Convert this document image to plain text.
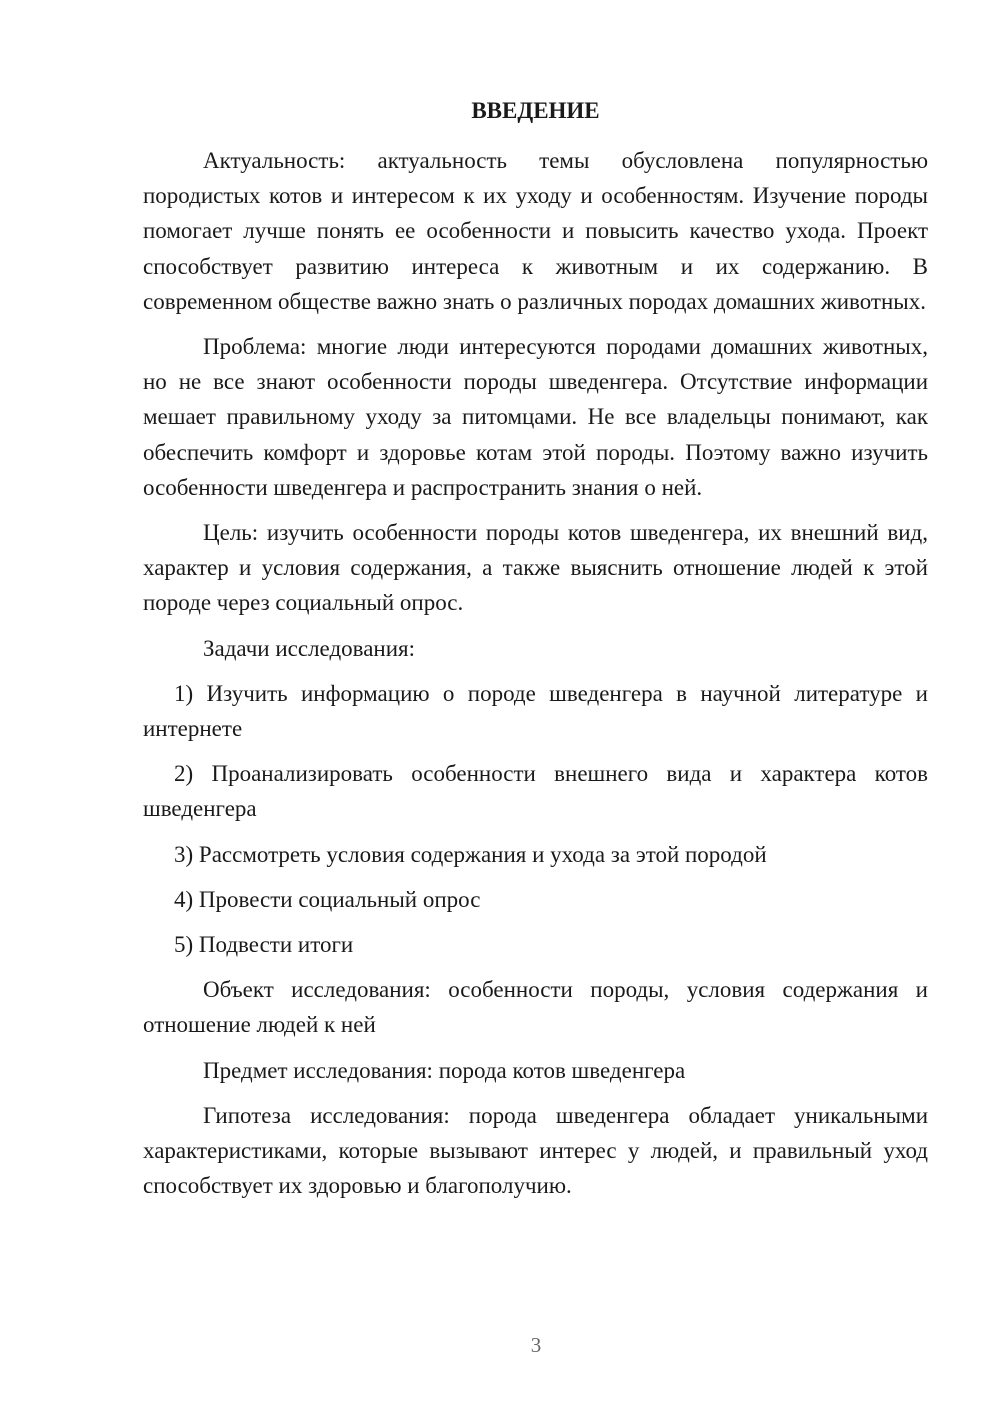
ВВЕДЕНИЕ

Актуальность: актуальность темы обусловлена популярностью породистых котов и интересом к их уходу и особенностям. Изучение породы помогает лучше понять ее особенности и повысить качество ухода. Проект способствует развитию интереса к животным и их содержанию. В современном обществе важно знать о различных породах домашних животных.

Проблема: многие люди интересуются породами домашних животных, но не все знают особенности породы шведенгера. Отсутствие информации мешает правильному уходу за питомцами. Не все владельцы понимают, как обеспечить комфорт и здоровье котам этой породы. Поэтому важно изучить особенности шведенгера и распространить знания о ней.

Цель: изучить особенности породы котов шведенгера, их внешний вид, характер и условия содержания, а также выяснить отношение людей к этой породе через социальный опрос.

Задачи исследования:

1) Изучить информацию о породе шведенгера в научной литературе и интернете

2) Проанализировать особенности внешнего вида и характера котов шведенгера

3) Рассмотреть условия содержания и ухода за этой породой

4) Провести социальный опрос

5) Подвести итоги

Объект исследования: особенности породы, условия содержания и отношение людей к ней

Предмет исследования: порода котов шведенгера

Гипотеза исследования: порода шведенгера обладает уникальными характеристиками, которые вызывают интерес у людей, и правильный уход способствует их здоровью и благополучию.

3
